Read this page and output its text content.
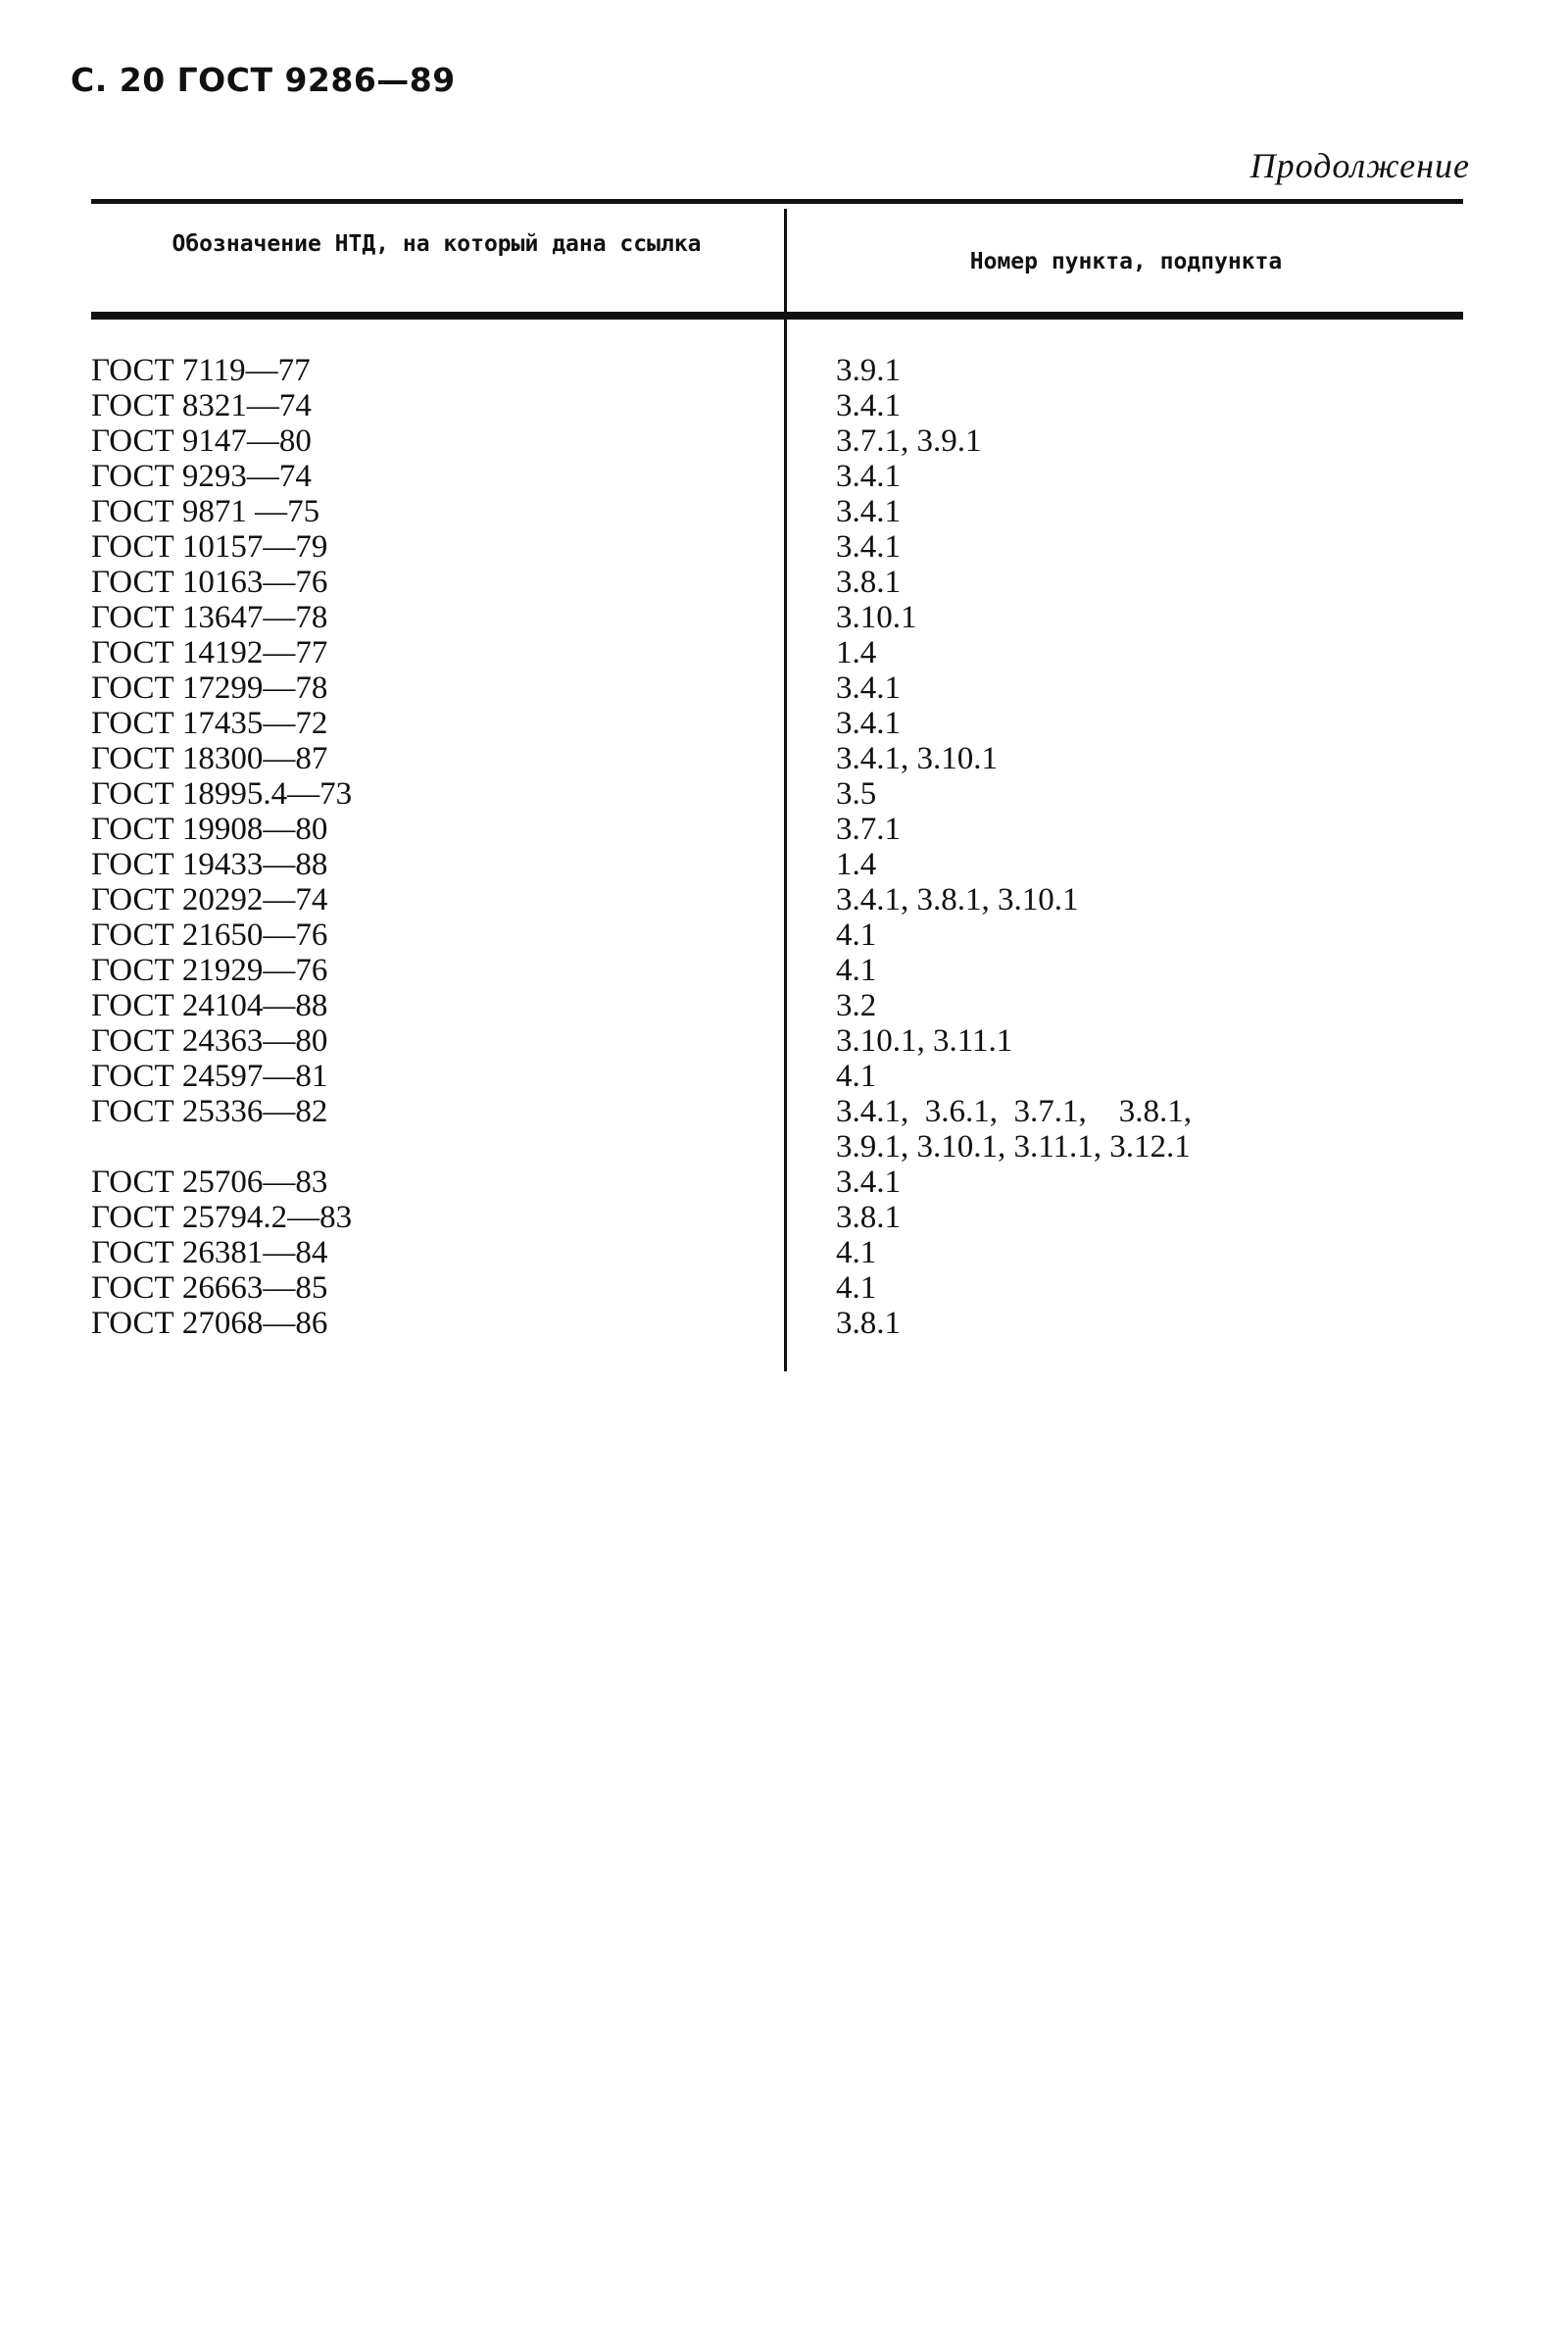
С. 20 ГОСТ 9286—89
Продолжение
Обозначение НТД, на который дана ссылка
Номер пункта, подпункта
ГОСТ 7119—77	3.9.1
ГОСТ 8321—74	3.4.1
ГОСТ 9147—80	3.7.1, 3.9.1
ГОСТ 9293—74	3.4.1
ГОСТ 9871 —75	3.4.1
ГОСТ 10157—79	3.4.1
ГОСТ 10163—76	3.8.1
ГОСТ 13647—78	3.10.1
ГОСТ 14192—77	1.4
ГОСТ 17299—78	3.4.1
ГОСТ 17435—72	3.4.1
ГОСТ 18300—87	3.4.1, 3.10.1
ГОСТ 18995.4—73	3.5
ГОСТ 19908—80	3.7.1
ГОСТ 19433—88	1.4
ГОСТ 20292—74	3.4.1, 3.8.1, 3.10.1
ГОСТ 21650—76	4.1
ГОСТ 21929—76	4.1
ГОСТ 24104—88	3.2
ГОСТ 24363—80	3.10.1, 3.11.1
ГОСТ 24597—81	4.1
ГОСТ 25336—82	3.4.1,  3.6.1,  3.7.1,    3.8.1,
3.9.1, 3.10.1, 3.11.1, 3.12.1
ГОСТ 25706—83	3.4.1
ГОСТ 25794.2—83	3.8.1
ГОСТ 26381—84	4.1
ГОСТ 26663—85	4.1
ГОСТ 27068—86	3.8.1
